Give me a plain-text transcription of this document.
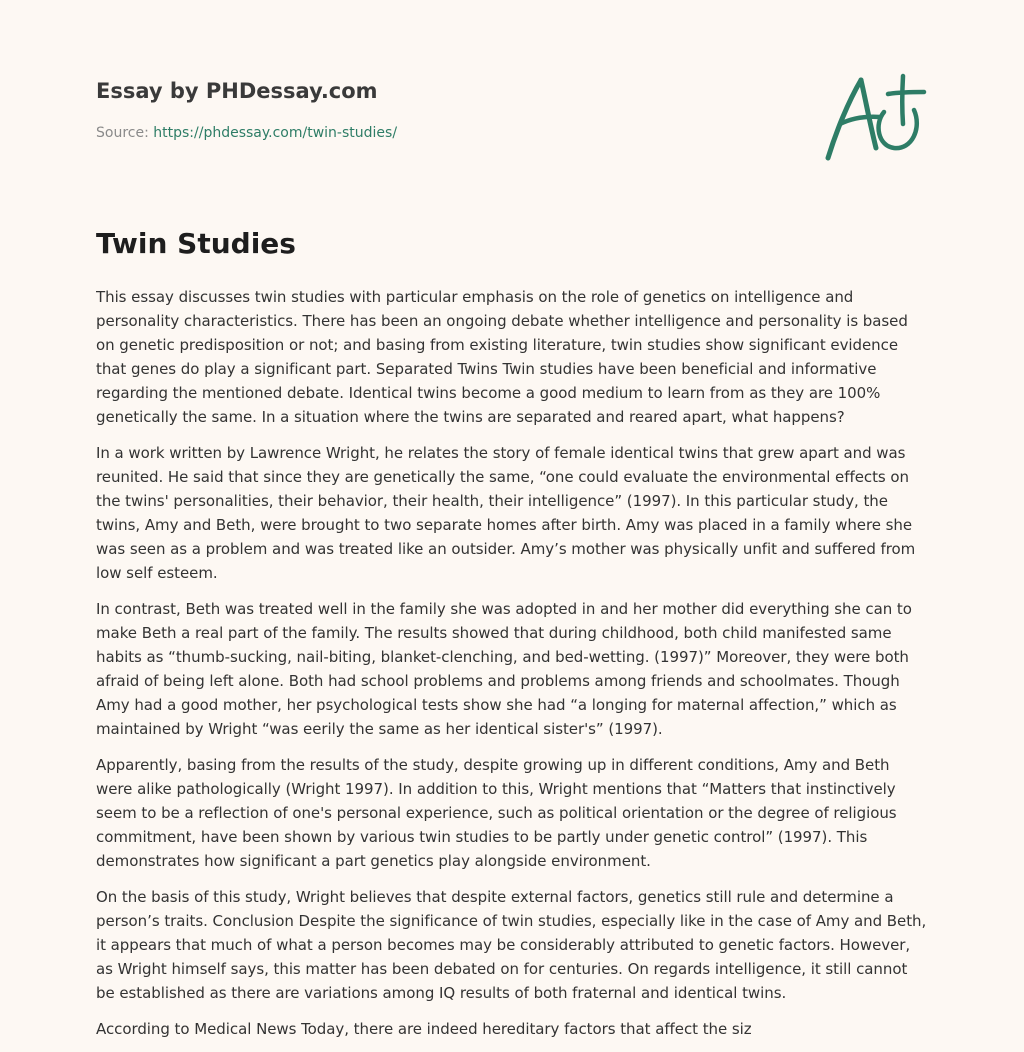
Essay by PHDessay.com

Source: https://phdessay.com/twin-studies/

Twin Studies

This essay discusses twin studies with particular emphasis on the role of genetics on intelligence and personality characteristics. There has been an ongoing debate whether intelligence and personality is based on genetic predisposition or not; and basing from existing literature, twin studies show significant evidence that genes do play a significant part. Separated Twins Twin studies have been beneficial and informative regarding the mentioned debate. Identical twins become a good medium to learn from as they are 100% genetically the same. In a situation where the twins are separated and reared apart, what happens?

In a work written by Lawrence Wright, he relates the story of female identical twins that grew apart and was reunited. He said that since they are genetically the same, “one could evaluate the environmental effects on the twins' personalities, their behavior, their health, their intelligence” (1997). In this particular study, the twins, Amy and Beth, were brought to two separate homes after birth. Amy was placed in a family where she was seen as a problem and was treated like an outsider. Amy’s mother was physically unfit and suffered from low self esteem.

In contrast, Beth was treated well in the family she was adopted in and her mother did everything she can to make Beth a real part of the family. The results showed that during childhood, both child manifested same habits as “thumb-sucking, nail-biting, blanket-clenching, and bed-wetting. (1997)” Moreover, they were both afraid of being left alone. Both had school problems and problems among friends and schoolmates. Though Amy had a good mother, her psychological tests show she had “a longing for maternal affection,” which as maintained by Wright “was eerily the same as her identical sister's” (1997).

Apparently, basing from the results of the study, despite growing up in different conditions, Amy and Beth were alike pathologically (Wright 1997). In addition to this, Wright mentions that “Matters that instinctively seem to be a reflection of one's personal experience, such as political orientation or the degree of religious commitment, have been shown by various twin studies to be partly under genetic control” (1997). This demonstrates how significant a part genetics play alongside environment.

On the basis of this study, Wright believes that despite external factors, genetics still rule and determine a person’s traits. Conclusion Despite the significance of twin studies, especially like in the case of Amy and Beth, it appears that much of what a person becomes may be considerably attributed to genetic factors. However, as Wright himself says, this matter has been debated on for centuries. On regards intelligence, it still cannot be established as there are variations among IQ results of both fraternal and identical twins.

According to Medical News Today, there are indeed hereditary factors that affect the siz
